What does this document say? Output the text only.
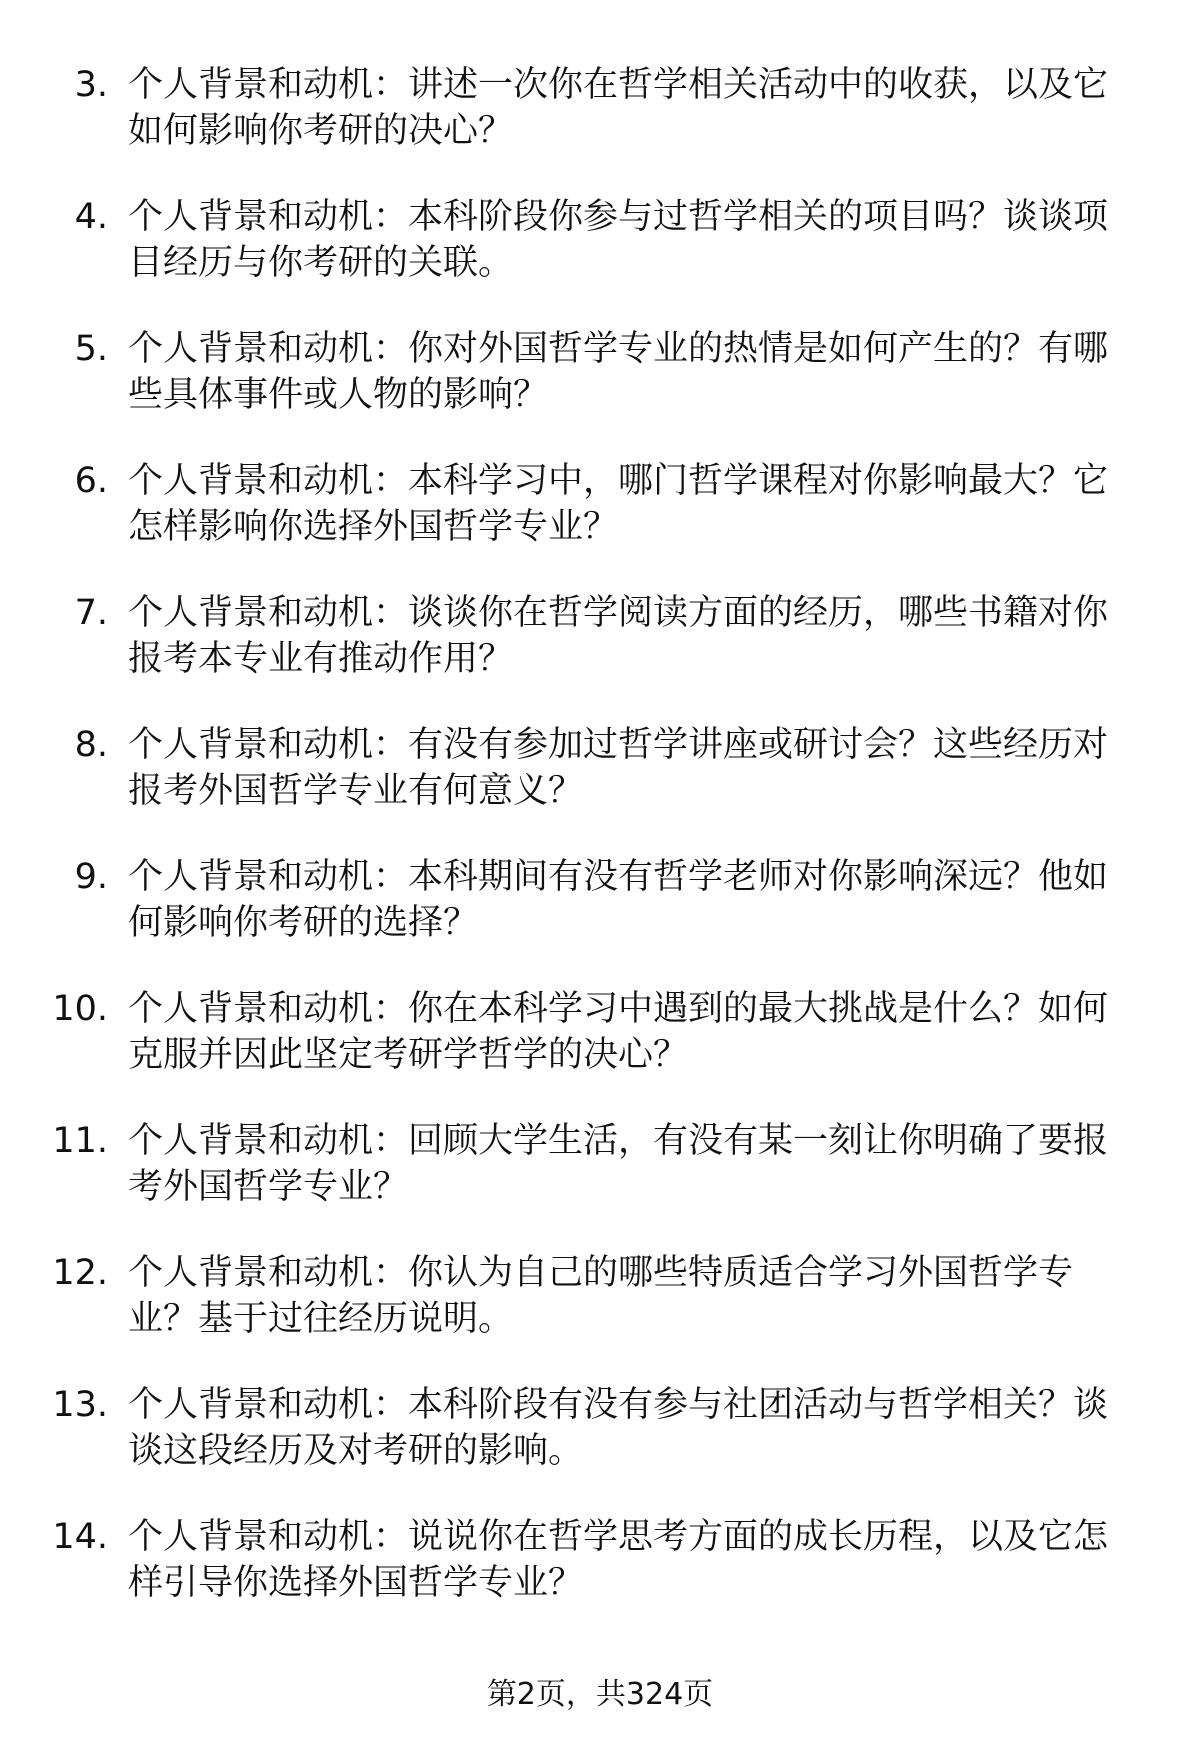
3. 个人背景和动机：讲述一次你在哲学相关活动中的收获，以及它如何影响你考研的决心？
4. 个人背景和动机：本科阶段你参与过哲学相关的项目吗？谈谈项目经历与你考研的关联。
5. 个人背景和动机：你对外国哲学专业的热情是如何产生的？有哪些具体事件或人物的影响？
6. 个人背景和动机：本科学习中，哪门哲学课程对你影响最大？它怎样影响你选择外国哲学专业？
7. 个人背景和动机：谈谈你在哲学阅读方面的经历，哪些书籍对你报考本专业有推动作用？
8. 个人背景和动机：有没有参加过哲学讲座或研讨会？这些经历对报考外国哲学专业有何意义？
9. 个人背景和动机：本科期间有没有哲学老师对你影响深远？他如何影响你考研的选择？
10. 个人背景和动机：你在本科学习中遇到的最大挑战是什么？如何克服并因此坚定考研学哲学的决心？
11. 个人背景和动机：回顾大学生活，有没有某一刻让你明确了要报考外国哲学专业？
12. 个人背景和动机：你认为自己的哪些特质适合学习外国哲学专业？基于过往经历说明。
13. 个人背景和动机：本科阶段有没有参与社团活动与哲学相关？谈谈这段经历及对考研的影响。
14. 个人背景和动机：说说你在哲学思考方面的成长历程，以及它怎样引导你选择外国哲学专业？
第2页，共324页
